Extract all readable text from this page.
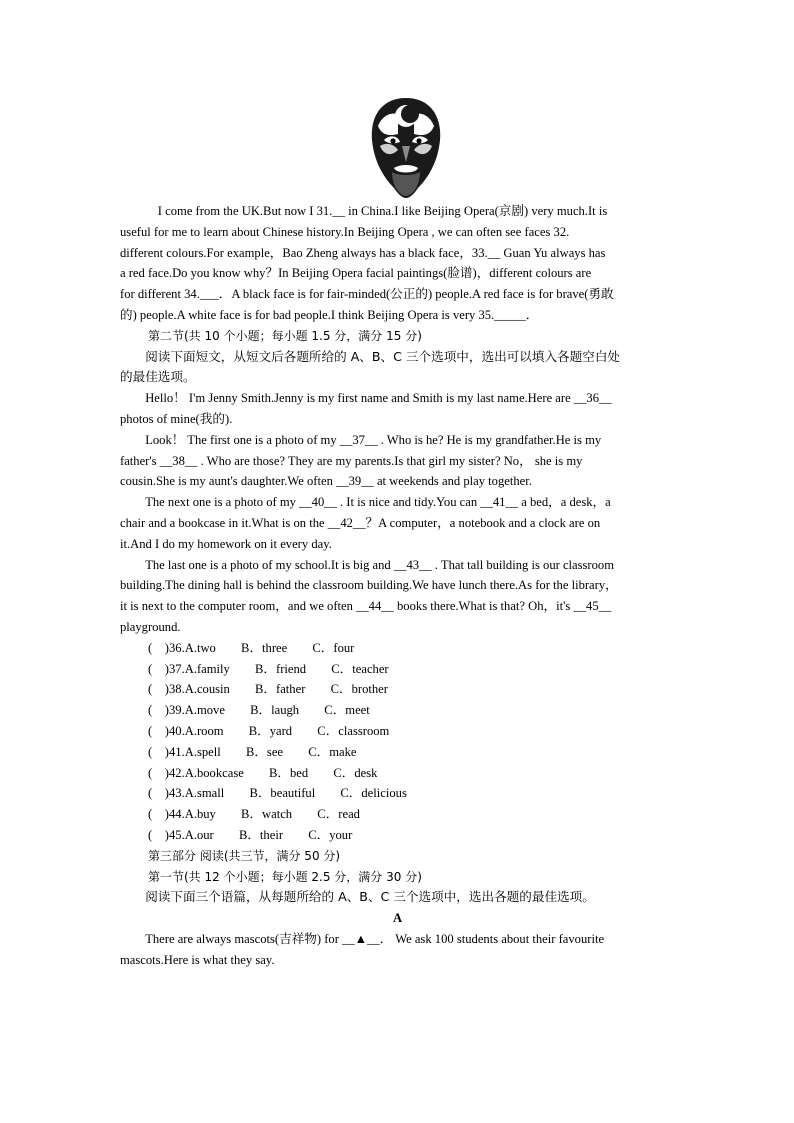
I come from the UK.But now I 31.__ in China.I like Beijing Opera(京剧) very much.It is

useful for me to learn about Chinese history.In Beijing Opera , we can often see faces 32.

different colours.For example，Bao Zheng always has a black face，33.__ Guan Yu always has

a red face.Do you know why？In Beijing Opera facial paintings(脸谱)，different colours are

for different 34.___．A black face is for fair-minded(公正的) people.A red face is for brave(勇敢

的) people.A white face is for bad people.I think Beijing Opera is very 35._____．

第二节(共 10 个小题；每小题 1.5 分，满分 15 分)

阅读下面短文，从短文后各题所给的 A、B、C 三个选项中，选出可以填入各题空白处

的最佳选项。

Hello！ I'm Jenny Smith.Jenny is my first name and Smith is my last name.Here are __36__

photos of mine(我的).

Look！ The first one is a photo of my __37__ . Who is he? He is my grandfather.He is my

father's __38__ . Who are those? They are my parents.Is that girl my sister? No， she is my

cousin.She is my aunt's daughter.We often __39__ at weekends and play together.

The next one is a photo of my __40__ . It is nice and tidy.You can __41__ a bed，a desk，a

chair and a bookcase in it.What is on the __42__？A computer，a notebook and a clock are on

it.And I do my homework on it every day.

The last one is a photo of my school.It is big and __43__ . That tall building is our classroom

building.The dining hall is behind the classroom building.We have lunch there.As for the library，

it is next to the computer room，and we often __44__ books there.What is that? Oh，it's __45__

playground.

(    )36.A.two        B．three        C．four

(    )37.A.family        B．friend        C．teacher

(    )38.A.cousin        B．father        C．brother

(    )39.A.move        B．laugh        C．meet

(    )40.A.room        B．yard        C．classroom

(    )41.A.spell        B．see        C．make

(    )42.A.bookcase        B．bed        C．desk

(    )43.A.small        B．beautiful        C．delicious

(    )44.A.buy        B．watch        C．read

(    )45.A.our        B．their        C．your

第三部分 阅读(共三节，满分 50 分)

第一节(共 12 个小题；每小题 2.5 分，满分 30 分)

阅读下面三个语篇，从每题所给的 A、B、C 三个选项中，选出各题的最佳选项。

A

There are always mascots(吉祥物) for __▲__． We ask 100 students about their favourite

mascots.Here is what they say.
